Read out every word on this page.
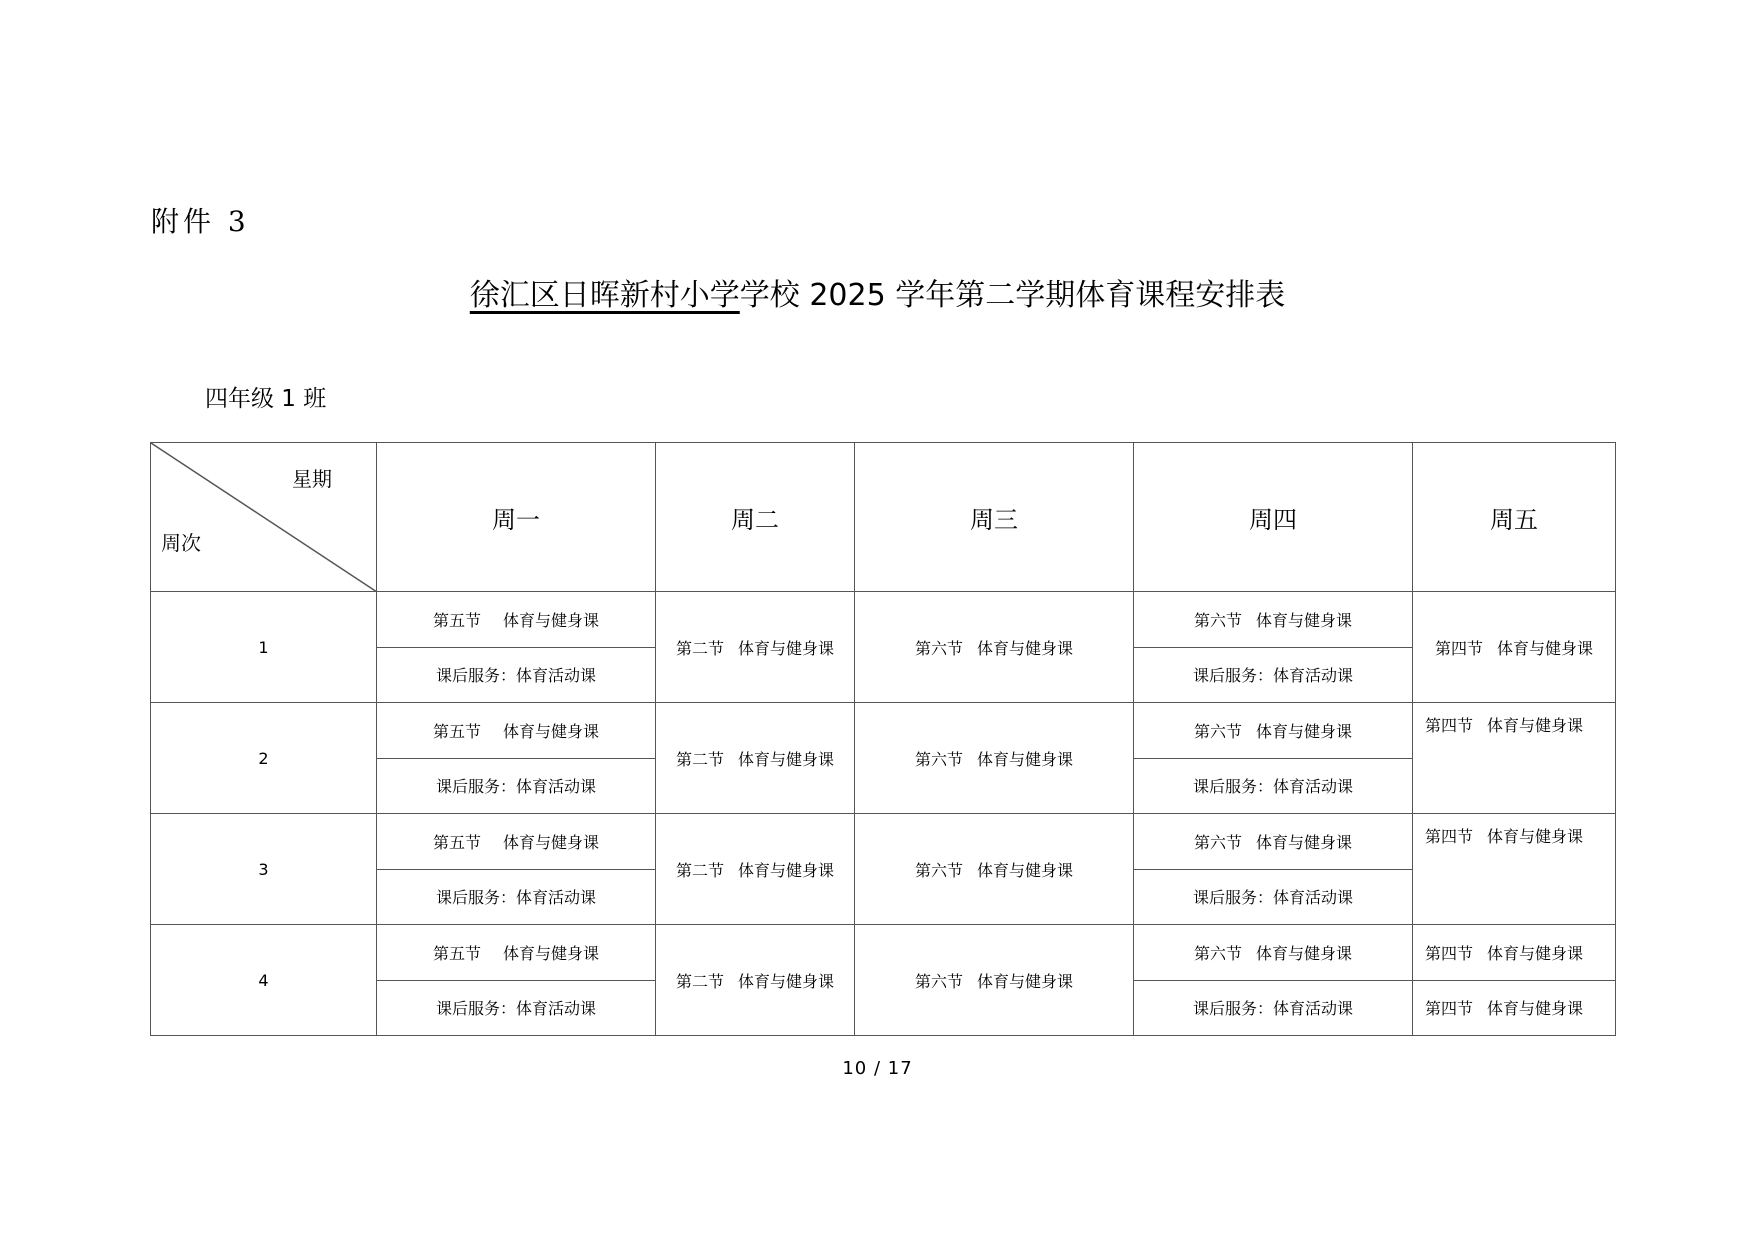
附件 3
徐汇区日晖新村小学学校 2025 学年第二学期体育课程安排表
四年级 1 班
星期
周次	周一	周二	周三	周四	周五
1	第五节 体育与健身课	第二节 体育与健身课	第六节 体育与健身课	第六节 体育与健身课	第四节 体育与健身课
	课后服务：体育活动课			课后服务：体育活动课	
2	第五节 体育与健身课	第二节 体育与健身课	第六节 体育与健身课	第六节 体育与健身课	第四节 体育与健身课
	课后服务：体育活动课			课后服务：体育活动课	
3	第五节 体育与健身课	第二节 体育与健身课	第六节 体育与健身课	第六节 体育与健身课	第四节 体育与健身课
	课后服务：体育活动课			课后服务：体育活动课	
4	第五节 体育与健身课	第二节 体育与健身课	第六节 体育与健身课	第六节 体育与健身课	第四节 体育与健身课
	课后服务：体育活动课			课后服务：体育活动课	第四节 体育与健身课
10 / 17
